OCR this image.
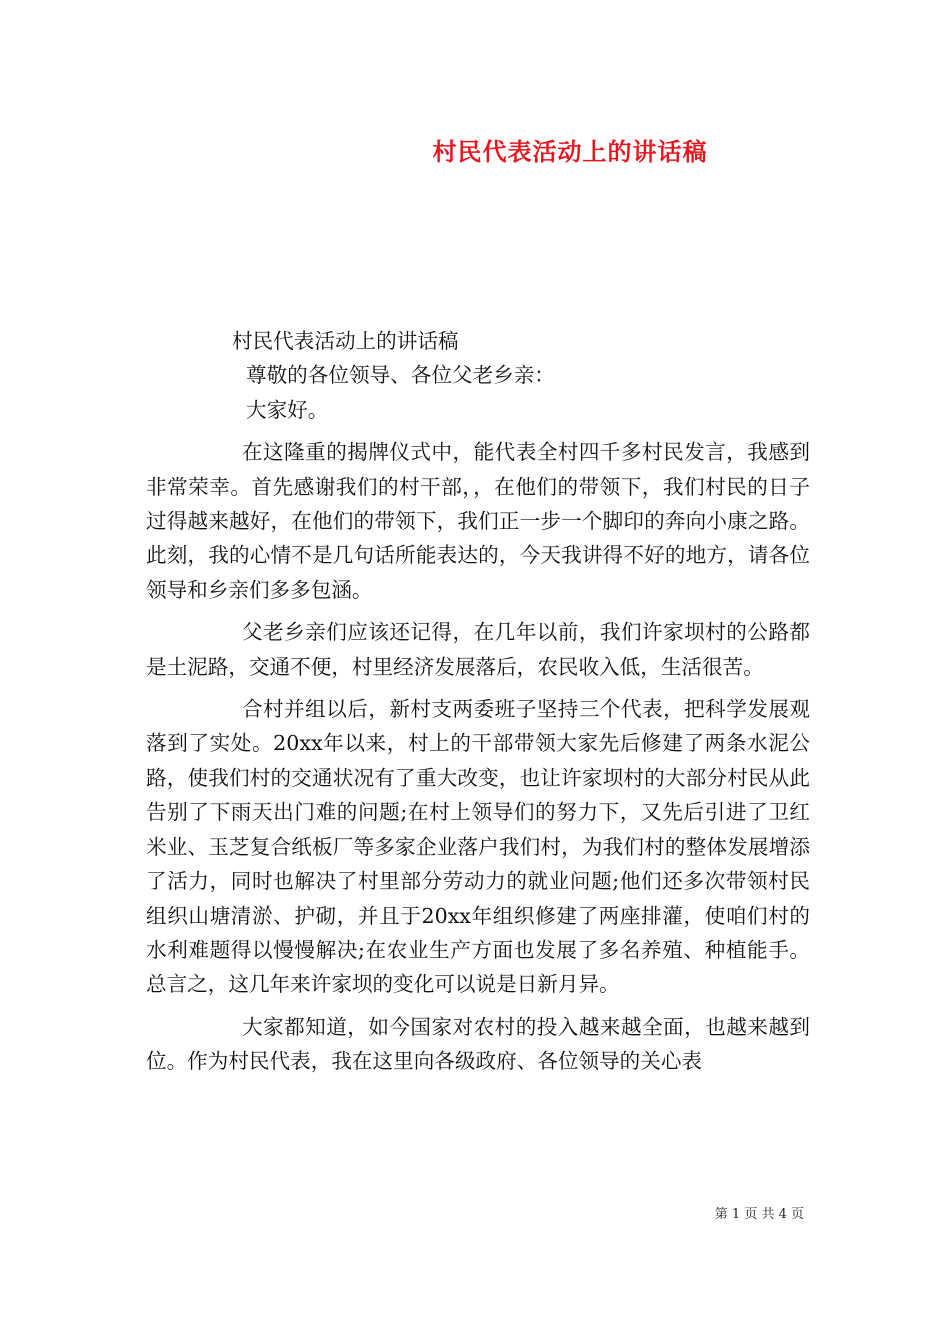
村民代表活动上的讲话稿

村民代表活动上的讲话稿

尊敬的各位领导、各位父老乡亲：

大家好。

在这隆重的揭牌仪式中，能代表全村四千多村民发言，我感到非常荣幸。首先感谢我们的村干部，，在他们的带领下，我们村民的日子过得越来越好，在他们的带领下，我们正一步一个脚印的奔向小康之路。此刻，我的心情不是几句话所能表达的，今天我讲得不好的地方，请各位领导和乡亲们多多包涵。

父老乡亲们应该还记得，在几年以前，我们许家坝村的公路都是土泥路，交通不便，村里经济发展落后，农民收入低，生活很苦。

合村并组以后，新村支两委班子坚持三个代表，把科学发展观落到了实处。20xx年以来，村上的干部带领大家先后修建了两条水泥公路，使我们村的交通状况有了重大改变，也让许家坝村的大部分村民从此告别了下雨天出门难的问题;在村上领导们的努力下，又先后引进了卫红米业、玉芝复合纸板厂等多家企业落户我们村，为我们村的整体发展增添了活力，同时也解决了村里部分劳动力的就业问题;他们还多次带领村民组织山塘清淤、护砌，并且于20xx年组织修建了两座排灌，使咱们村的水利难题得以慢慢解决;在农业生产方面也发展了多名养殖、种植能手。总言之，这几年来许家坝的变化可以说是日新月异。

大家都知道，如今国家对农村的投入越来越全面，也越来越到位。作为村民代表，我在这里向各级政府、各位领导的关心表

第 1 页 共 4 页
